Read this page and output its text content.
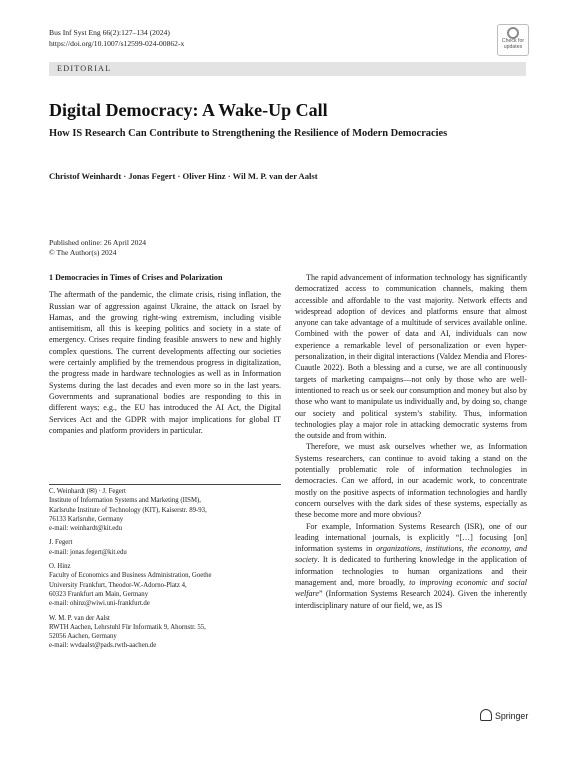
Bus Inf Syst Eng 66(2):127–134 (2024)
https://doi.org/10.1007/s12599-024-00862-x	Check for
updates
EDITORIAL
Digital Democracy: A Wake-Up Call
How IS Research Can Contribute to Strengthening the Resilience of Modern Democracies
Christof Weinhardt · Jonas Fegert · Oliver Hinz · Wil M. P. van der Aalst
Published online: 26 April 2024
© The Author(s) 2024
1 Democracies in Times of Crises and Polarization

The aftermath of the pandemic, the climate crisis, rising inflation, the Russian war of aggression against Ukraine, the attack on Israel by Hamas, and the growing right-wing extremism, including visible antisemitism, all this is keeping politics and society in a state of emergency. Crises require finding feasible answers to new and highly complex questions. The current developments affecting our societies were certainly amplified by the tremendous progress in digitalization, the progress made in hardware technologies as well as in Information Systems during the last decades and even more so in the last years. Governments and supranational bodies are responding to this in different ways; e.g., the EU has introduced the AI Act, the Digital Services Act and the GDPR with major implications for global IT companies and platform providers in particular.

C. Weinhardt (✉) · J. Fegert
Institute of Information Systems and Marketing (IISM),
Karlsruhe Institute of Technology (KIT), Kaiserstr. 89-93,
76133 Karlsruhe, Germany
e-mail: weinhardt@kit.edu
J. Fegert
e-mail: jonas.fegert@kit.edu
O. Hinz
Faculty of Economics and Business Administration, Goethe
University Frankfurt, Theodor-W.-Adorno-Platz 4,
60323 Frankfurt am Main, Germany
e-mail: ohinz@wiwi.uni-frankfurt.de
W. M. P. van der Aalst
RWTH Aachen, Lehrstuhl Für Informatik 9, Ahornstr. 55,
52056 Aachen, Germany
e-mail: wvdaalst@pads.rwth-aachen.de

The rapid advancement of information technology has significantly democratized access to communication channels, making them accessible and affordable to the vast majority. Network effects and widespread adoption of devices and platforms ensure that almost anyone can take advantage of a multitude of services available online. Combined with the power of data and AI, individuals can now experience a remarkable level of personalization or even hyper-personalization, in their digital interactions (Valdez Mendia and Flores-Cuautle 2022). Both a blessing and a curse, we are all continuously targets of marketing campaigns—not only by those who are well-intentioned to reach us or seek our consumption and money but also by those who want to manipulate us individually and, by doing so, change our society and political system’s stability. Thus, information technologies play a major role in attacking democratic systems from the outside and from within.

Therefore, we must ask ourselves whether we, as Information Systems researchers, can continue to avoid taking a stand on the potentially problematic role of information technologies in democracies. Can we afford, in our academic work, to concentrate mostly on the positive aspects of information technologies and hardly concern ourselves with the dark sides of these systems, especially as these become more and more obvious?

For example, Information Systems Research (ISR), one of our leading international journals, is explicitly “[…] focusing [on] information systems in organizations, institutions, the economy, and society. It is dedicated to furthering knowledge in the application of information technologies to human organizations and their management and, more broadly, to improving economic and social welfare” (Information Systems Research 2024). Given the inherently interdisciplinary nature of our field, we, as IS

Springer
